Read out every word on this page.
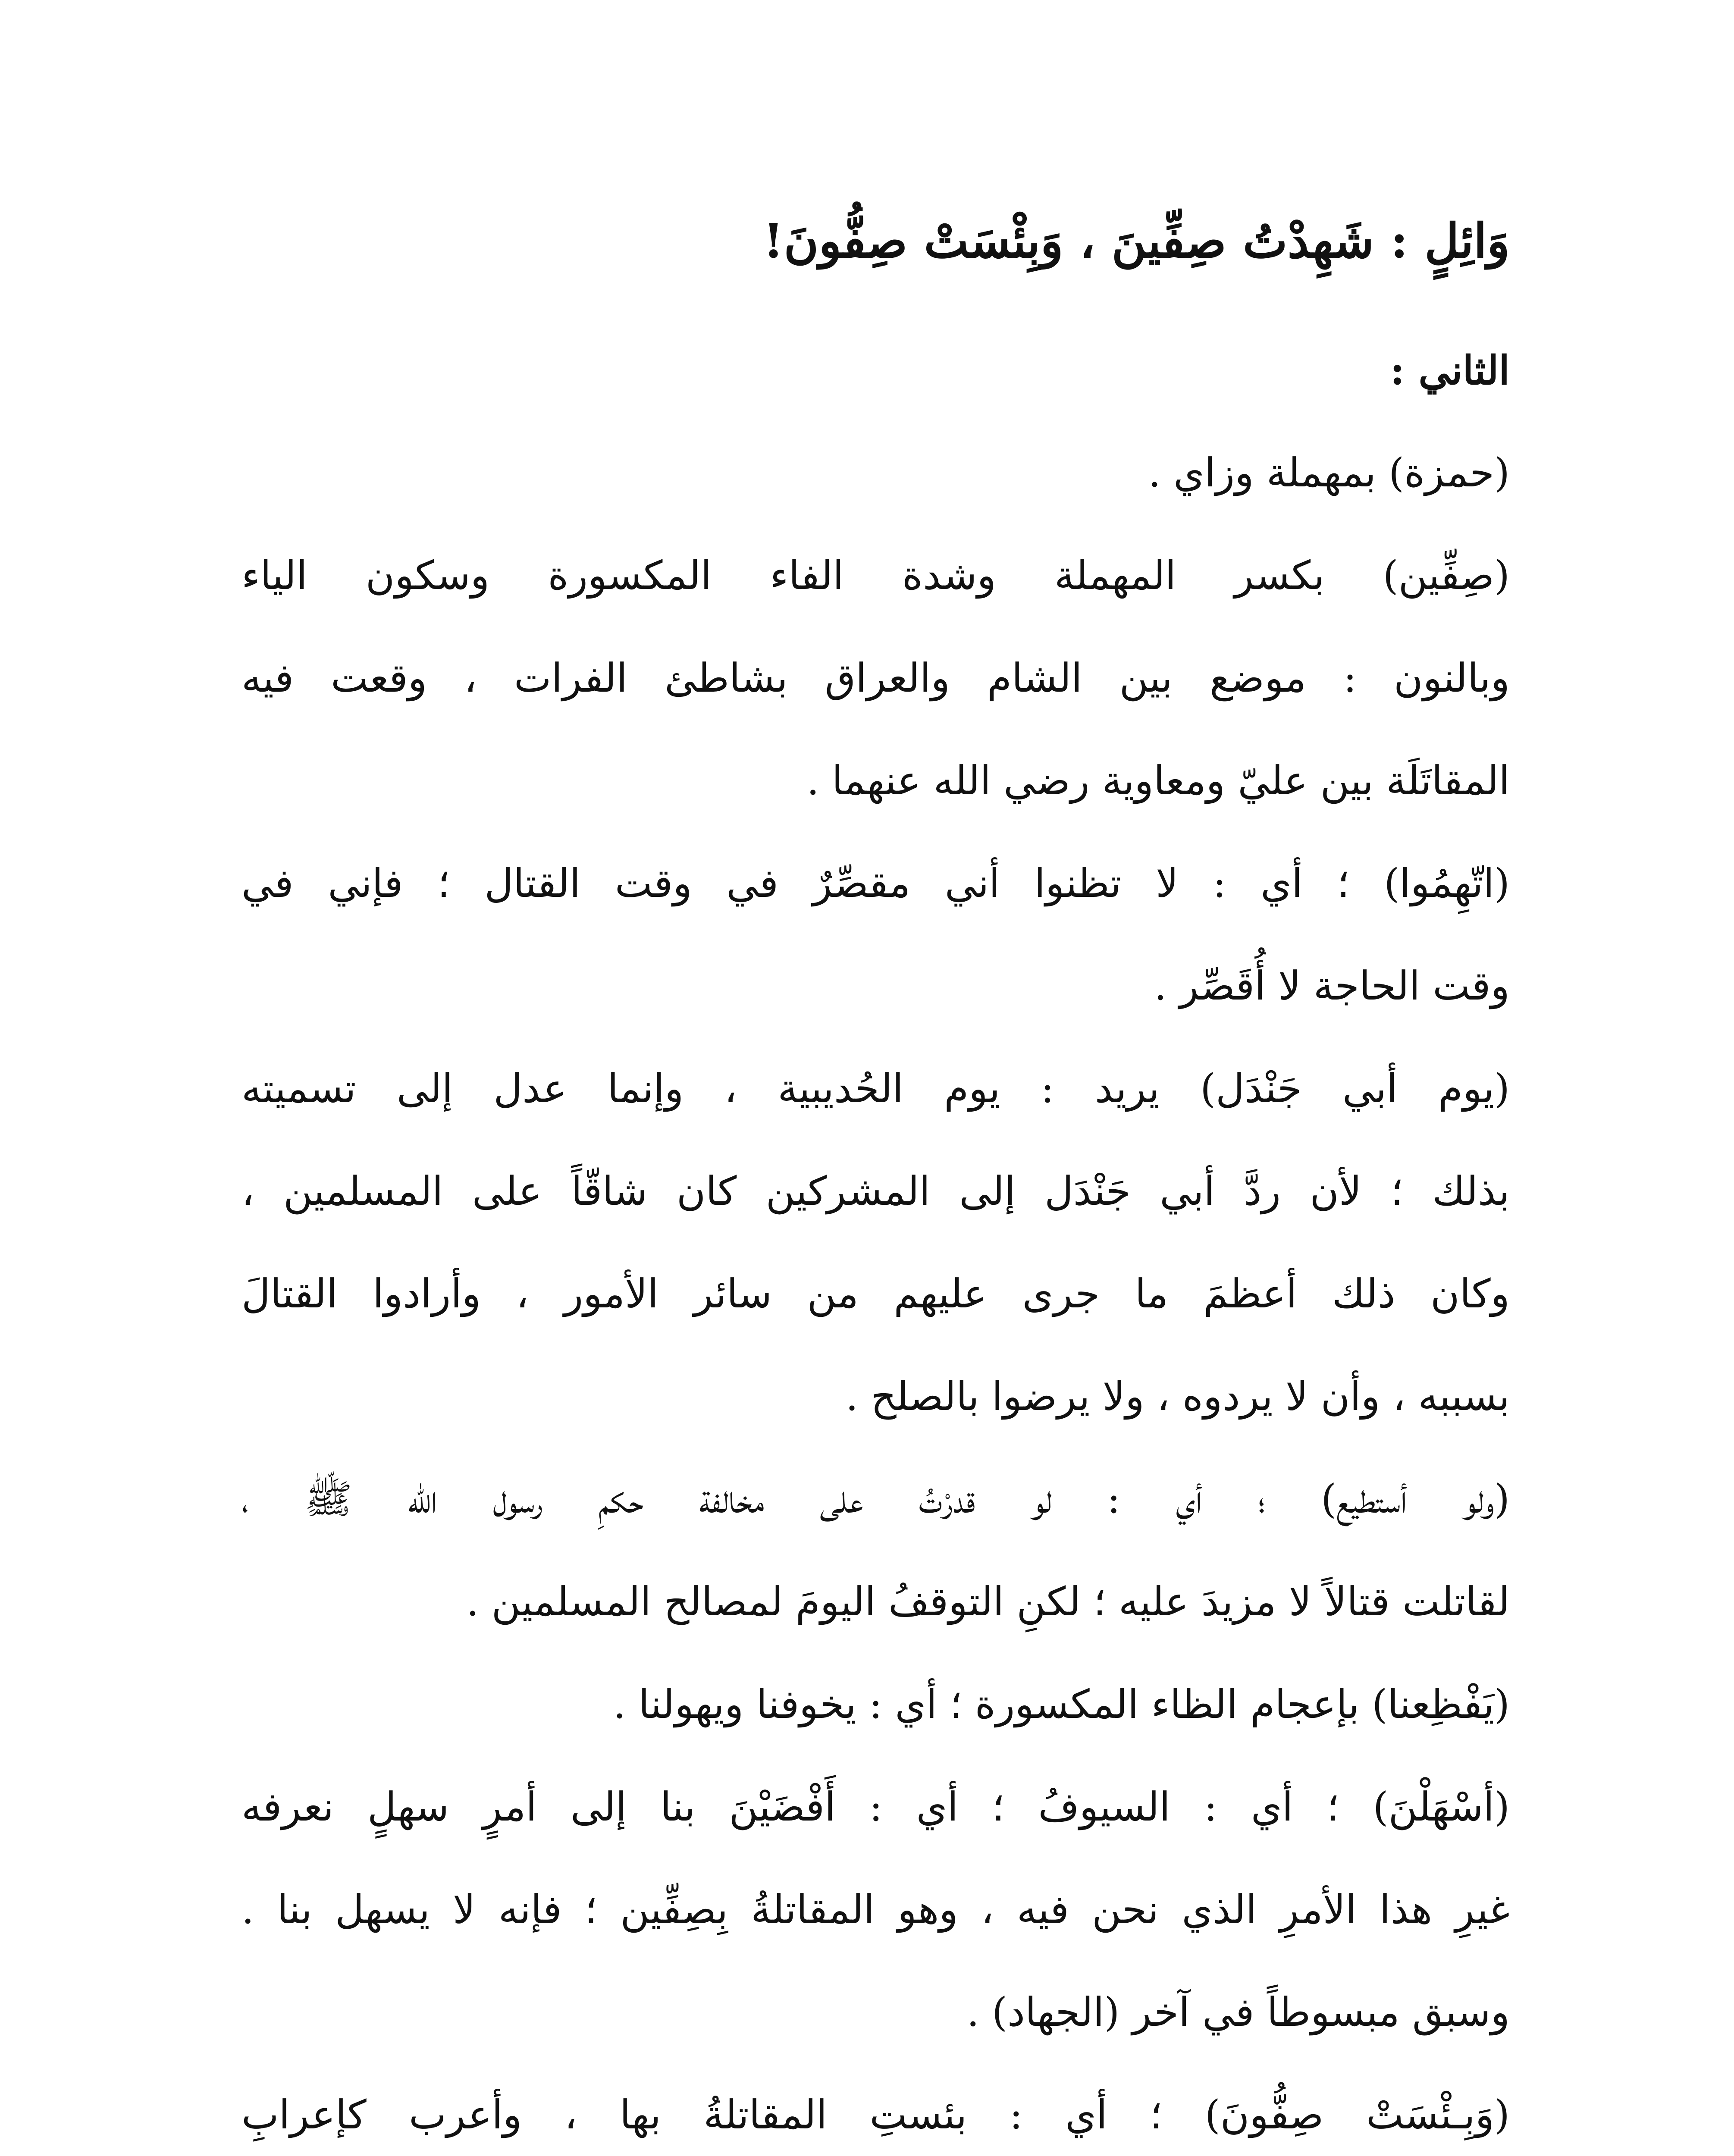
وَائِلٍ : شَهِدْتُ صِفِّينَ ، وَبِئْسَتْ صِفُّونَ!
الثاني :
(حمزة) بمهملة وزاي .
(صِفِّين) بكسر المهملة وشدة الفاء المكسورة وسكون الياء
وبالنون : موضع بين الشام والعراق بشاطئ الفرات ، وقعت فيه
المقاتَلَة بين عليّ ومعاوية رضي الله عنهما .
(اتّهِمُوا) ؛ أي : لا تظنوا أني مقصِّرٌ في وقت القتال ؛ فإني في
وقت الحاجة لا أُقَصِّر .
(يوم أبي جَنْدَل) يريد : يوم الحُديبية ، وإنما عدل إلى تسميته
بذلك ؛ لأن ردَّ أبي جَنْدَل إلى المشركين كان شاقّاً على المسلمين ،
وكان ذلك أعظمَ ما جرى عليهم من سائر الأمور ، وأرادوا القتالَ
بسببه ، وأن لا يردوه ، ولا يرضوا بالصلح .
(ولو أستطيع) ؛ أي : لو قدرْتُ على مخالفة حكمِ رسول الله ﷺ ،
لقاتلت قتالاً لا مزيدَ عليه ؛ لكنِ التوقفُ اليومَ لمصالح المسلمين .
(يَفْظِعنا) بإعجام الظاء المكسورة ؛ أي : يخوفنا ويهولنا .
(أسْهَلْنَ) ؛ أي : السيوفُ ؛ أي : أَفْضَيْنَ بنا إلى أمرٍ سهلٍ نعرفه
غيرِ هذا الأمرِ الذي نحن فيه ، وهو المقاتلةُ بِصِفِّين ؛ فإنه لا يسهل بنا .
وسبق مبسوطاً في آخر (الجهاد) .
(وَبِـئْسَتْ صِفُّونَ) ؛ أي : بئستِ المقاتلةُ بها ، وأعرب كإعرابِ
